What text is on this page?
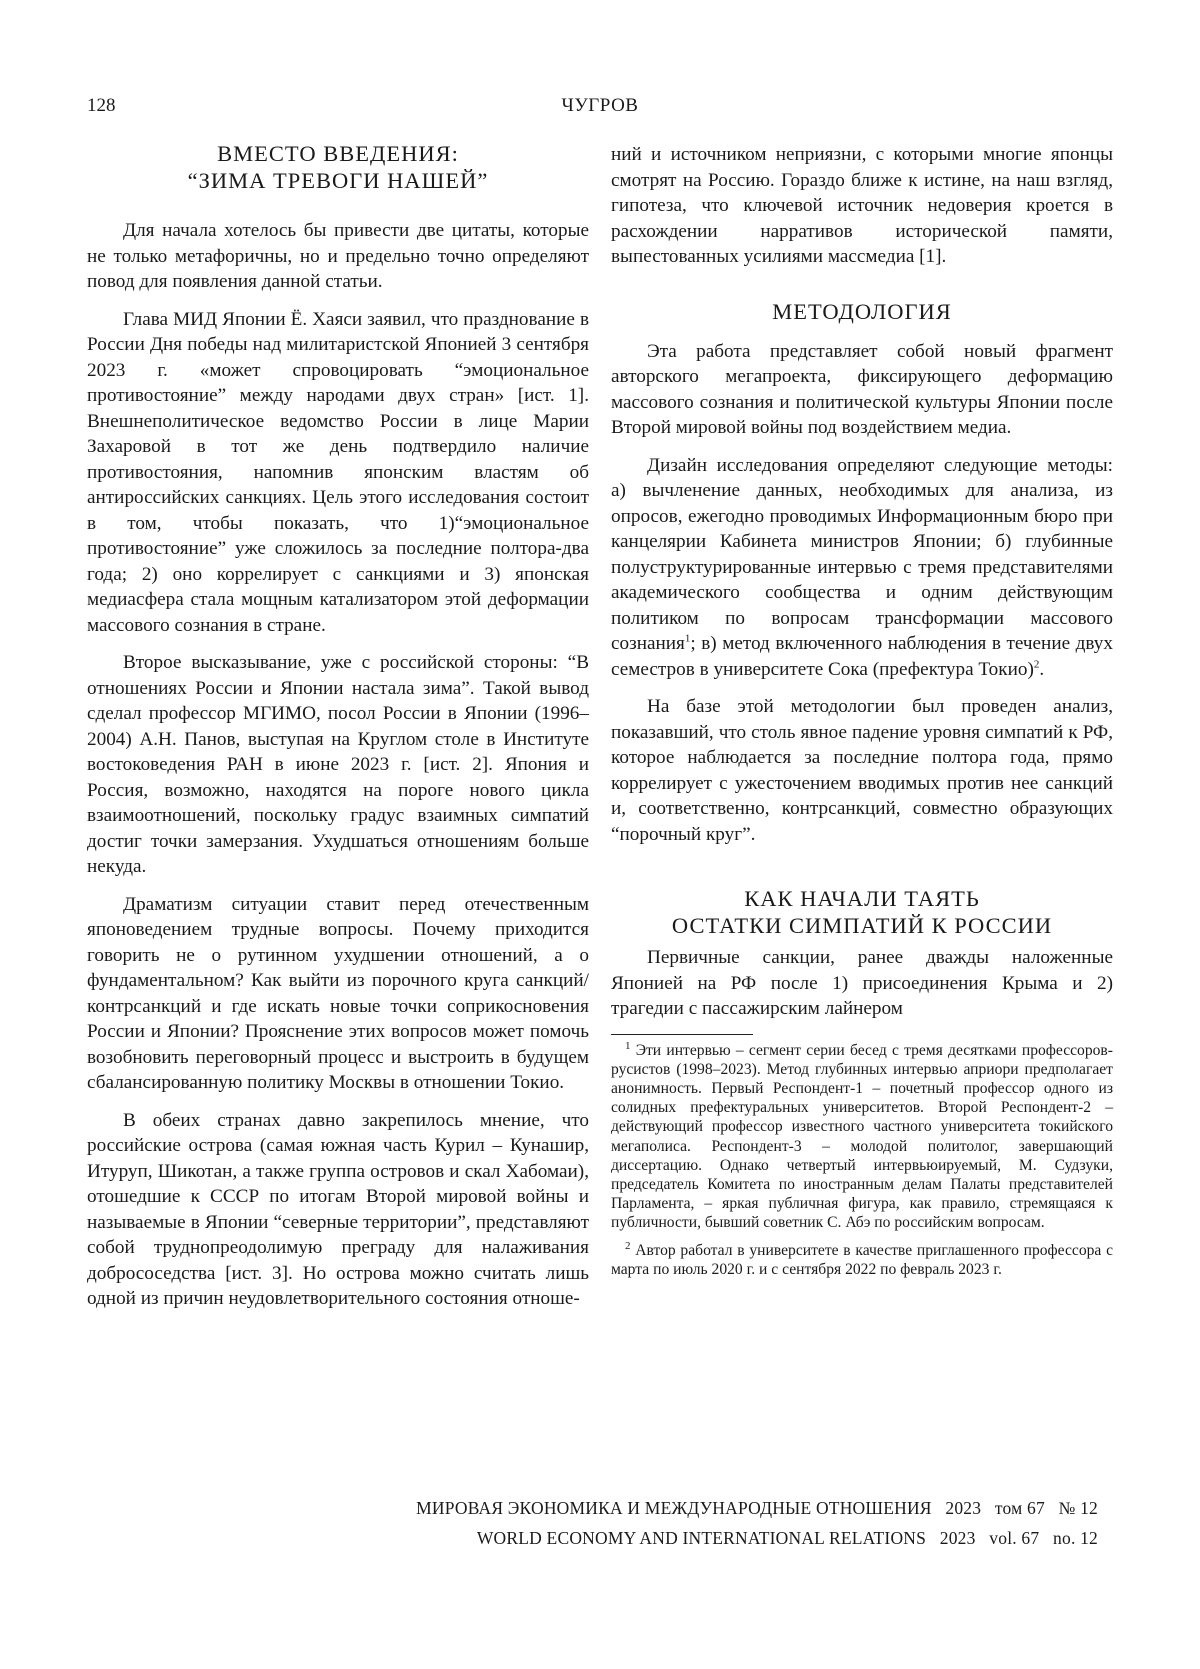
128	ЧУГРОВ
ВМЕСТО ВВЕДЕНИЯ:
“ЗИМА ТРЕВОГИ НАШЕЙ”

Для начала хотелось бы привести две цитаты, которые не только метафоричны, но и предельно точно определяют повод для появления данной статьи.

Глава МИД Японии Ё. Хаяси заявил, что празднование в России Дня победы над милитаристской Японией 3 сентября 2023 г. «может спровоцировать “эмоциональное противостояние” между народами двух стран» [ист. 1]. Внешнеполитическое ведомство России в лице Марии Захаровой в тот же день подтвердило наличие противостояния, напомнив японским властям об антироссийских санкциях. Цель этого исследования состоит в том, чтобы показать, что 1)“эмоциональное противостояние” уже сложилось за последние полтора-два года; 2) оно коррелирует с санкциями и 3) японская медиасфера стала мощным катализатором этой деформации массового сознания в стране.

Второе высказывание, уже с российской стороны: “В отношениях России и Японии настала зима”. Такой вывод сделал профессор МГИМО, посол России в Японии (1996–2004) А.Н. Панов, выступая на Круглом столе в Институте востоковедения РАН в июне 2023 г. [ист. 2]. Япония и Россия, возможно, находятся на пороге нового цикла взаимоотношений, поскольку градус взаимных симпатий достиг точки замерзания. Ухудшаться отношениям больше некуда.

Драматизм ситуации ставит перед отечественным японоведением трудные вопросы. Почему приходится говорить не о рутинном ухудшении отношений, а о фундаментальном? Как выйти из порочного круга санкций/контрсанкций и где искать новые точки соприкосновения России и Японии? Прояснение этих вопросов может помочь возобновить переговорный процесс и выстроить в будущем сбалансированную политику Москвы в отношении Токио.

В обеих странах давно закрепилось мнение, что российские острова (самая южная часть Курил – Кунашир, Итуруп, Шикотан, а также группа островов и скал Хабомаи), отошедшие к СССР по итогам Второй мировой войны и называемые в Японии “северные территории”, представляют собой труднопреодолимую преграду для налаживания добрососедства [ист. 3]. Но острова можно считать лишь одной из причин неудовлетворительного состояния отноше-

ний и источником неприязни, с которыми многие японцы смотрят на Россию. Гораздо ближе к истине, на наш взгляд, гипотеза, что ключевой источник недоверия кроется в расхождении нарративов исторической памяти, выпестованных усилиями массмедиа [1].

МЕТОДОЛОГИЯ

Эта работа представляет собой новый фрагмент авторского мегапроекта, фиксирующего деформацию массового сознания и политической культуры Японии после Второй мировой войны под воздействием медиа.

Дизайн исследования определяют следующие методы: а) вычленение данных, необходимых для анализа, из опросов, ежегодно проводимых Информационным бюро при канцелярии Кабинета министров Японии; б) глубинные полуструктурированные интервью с тремя представителями академического сообщества и одним действующим политиком по вопросам трансформации массового сознания$^1$; в) метод включенного наблюдения в течение двух семестров в университете Сока (префектура Токио)$^2$.

На базе этой методологии был проведен анализ, показавший, что столь явное падение уровня симпатий к РФ, которое наблюдается за последние полтора года, прямо коррелирует с ужесточением вводимых против нее санкций и, соответственно, контрсанкций, совместно образующих “порочный круг”.

КАК НАЧАЛИ ТАЯТЬ
ОСТАТКИ СИМПАТИЙ К РОССИИ

Первичные санкции, ранее дважды наложенные Японией на РФ после 1) присоединения Крыма и 2) трагедии с пассажирским лайнером

$^1$ Эти интервью – сегмент серии бесед с тремя десятками профессоров-русистов (1998–2023). Метод глубинных интервью априори предполагает анонимность. Первый Респондент-1 – почетный профессор одного из солидных префектуральных университетов. Второй Респондент-2 – действующий профессор известного частного университета токийского мегаполиса. Респондент-3 – молодой политолог, завершающий диссертацию. Однако четвертый интервьюируемый, М. Судзуки, председатель Комитета по иностранным делам Палаты представителей Парламента, – яркая публичная фигура, как правило, стремящаяся к публичности, бывший советник С. Абэ по российским вопросам.

$^2$ Автор работал в университете в качестве приглашенного профессора с марта по июль 2020 г. и с сентября 2022 по февраль 2023 г.

МИРОВАЯ ЭКОНОМИКА И МЕЖДУНАРОДНЫЕ ОТНОШЕНИЯ   2023   том 67   № 12
WORLD ECONOMY AND INTERNATIONAL RELATIONS   2023   vol. 67   no. 12
